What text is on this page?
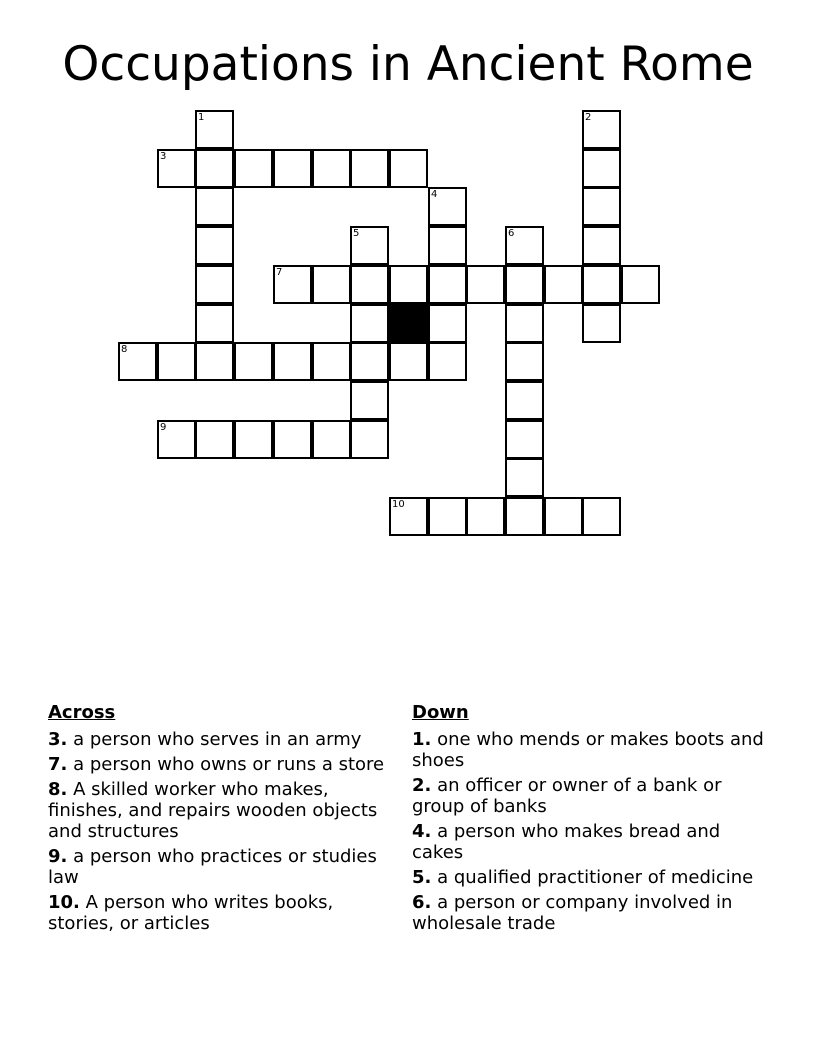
Occupations in Ancient Rome
1	2
3
4
5	6
7
8
9
10
Across
3. a person who serves in an army
7. a person who owns or runs a store
8. A skilled worker who makes, finishes, and repairs wooden objects and structures
9. a person who practices or studies law
10. A person who writes books, stories, or articles
Down
1. one who mends or makes boots and shoes
2. an officer or owner of a bank or group of banks
4. a person who makes bread and cakes
5. a qualified practitioner of medicine
6. a person or company involved in wholesale trade
